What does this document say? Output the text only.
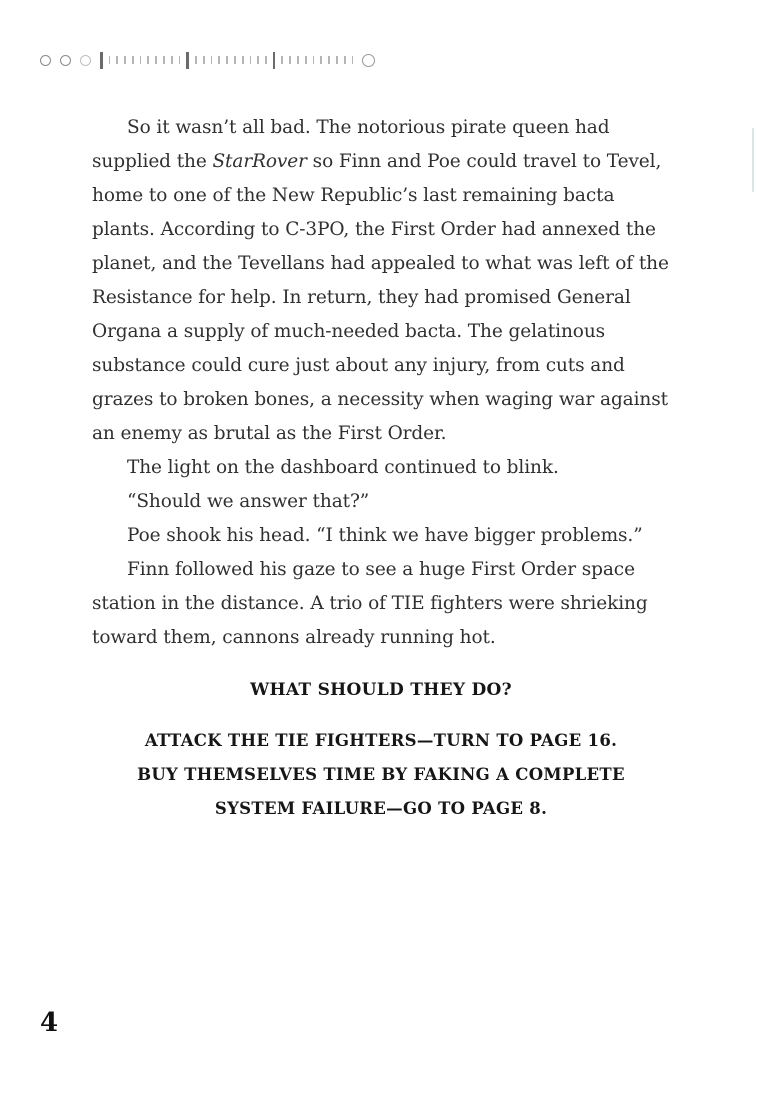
So it wasn’t all bad. The notorious pirate queen had supplied the StarRover so Finn and Poe could travel to Tevel, home to one of the New Republic’s last remaining bacta plants. According to C-3PO, the First Order had annexed the planet, and the Tevellans had appealed to what was left of the Resistance for help. In return, they had promised General Organa a supply of much-needed bacta. The gelatinous substance could cure just about any injury, from cuts and grazes to broken bones, a necessity when waging war against an enemy as brutal as the First Order.

The light on the dashboard continued to blink.

“Should we answer that?”

Poe shook his head. “I think we have bigger problems.”

Finn followed his gaze to see a huge First Order space station in the distance. A trio of TIE fighters were shrieking toward them, cannons already running hot.

WHAT SHOULD THEY DO?
ATTACK THE TIE FIGHTERS—TURN TO PAGE 16.
BUY THEMSELVES TIME BY FAKING A COMPLETE SYSTEM FAILURE—GO TO PAGE 8.
4
